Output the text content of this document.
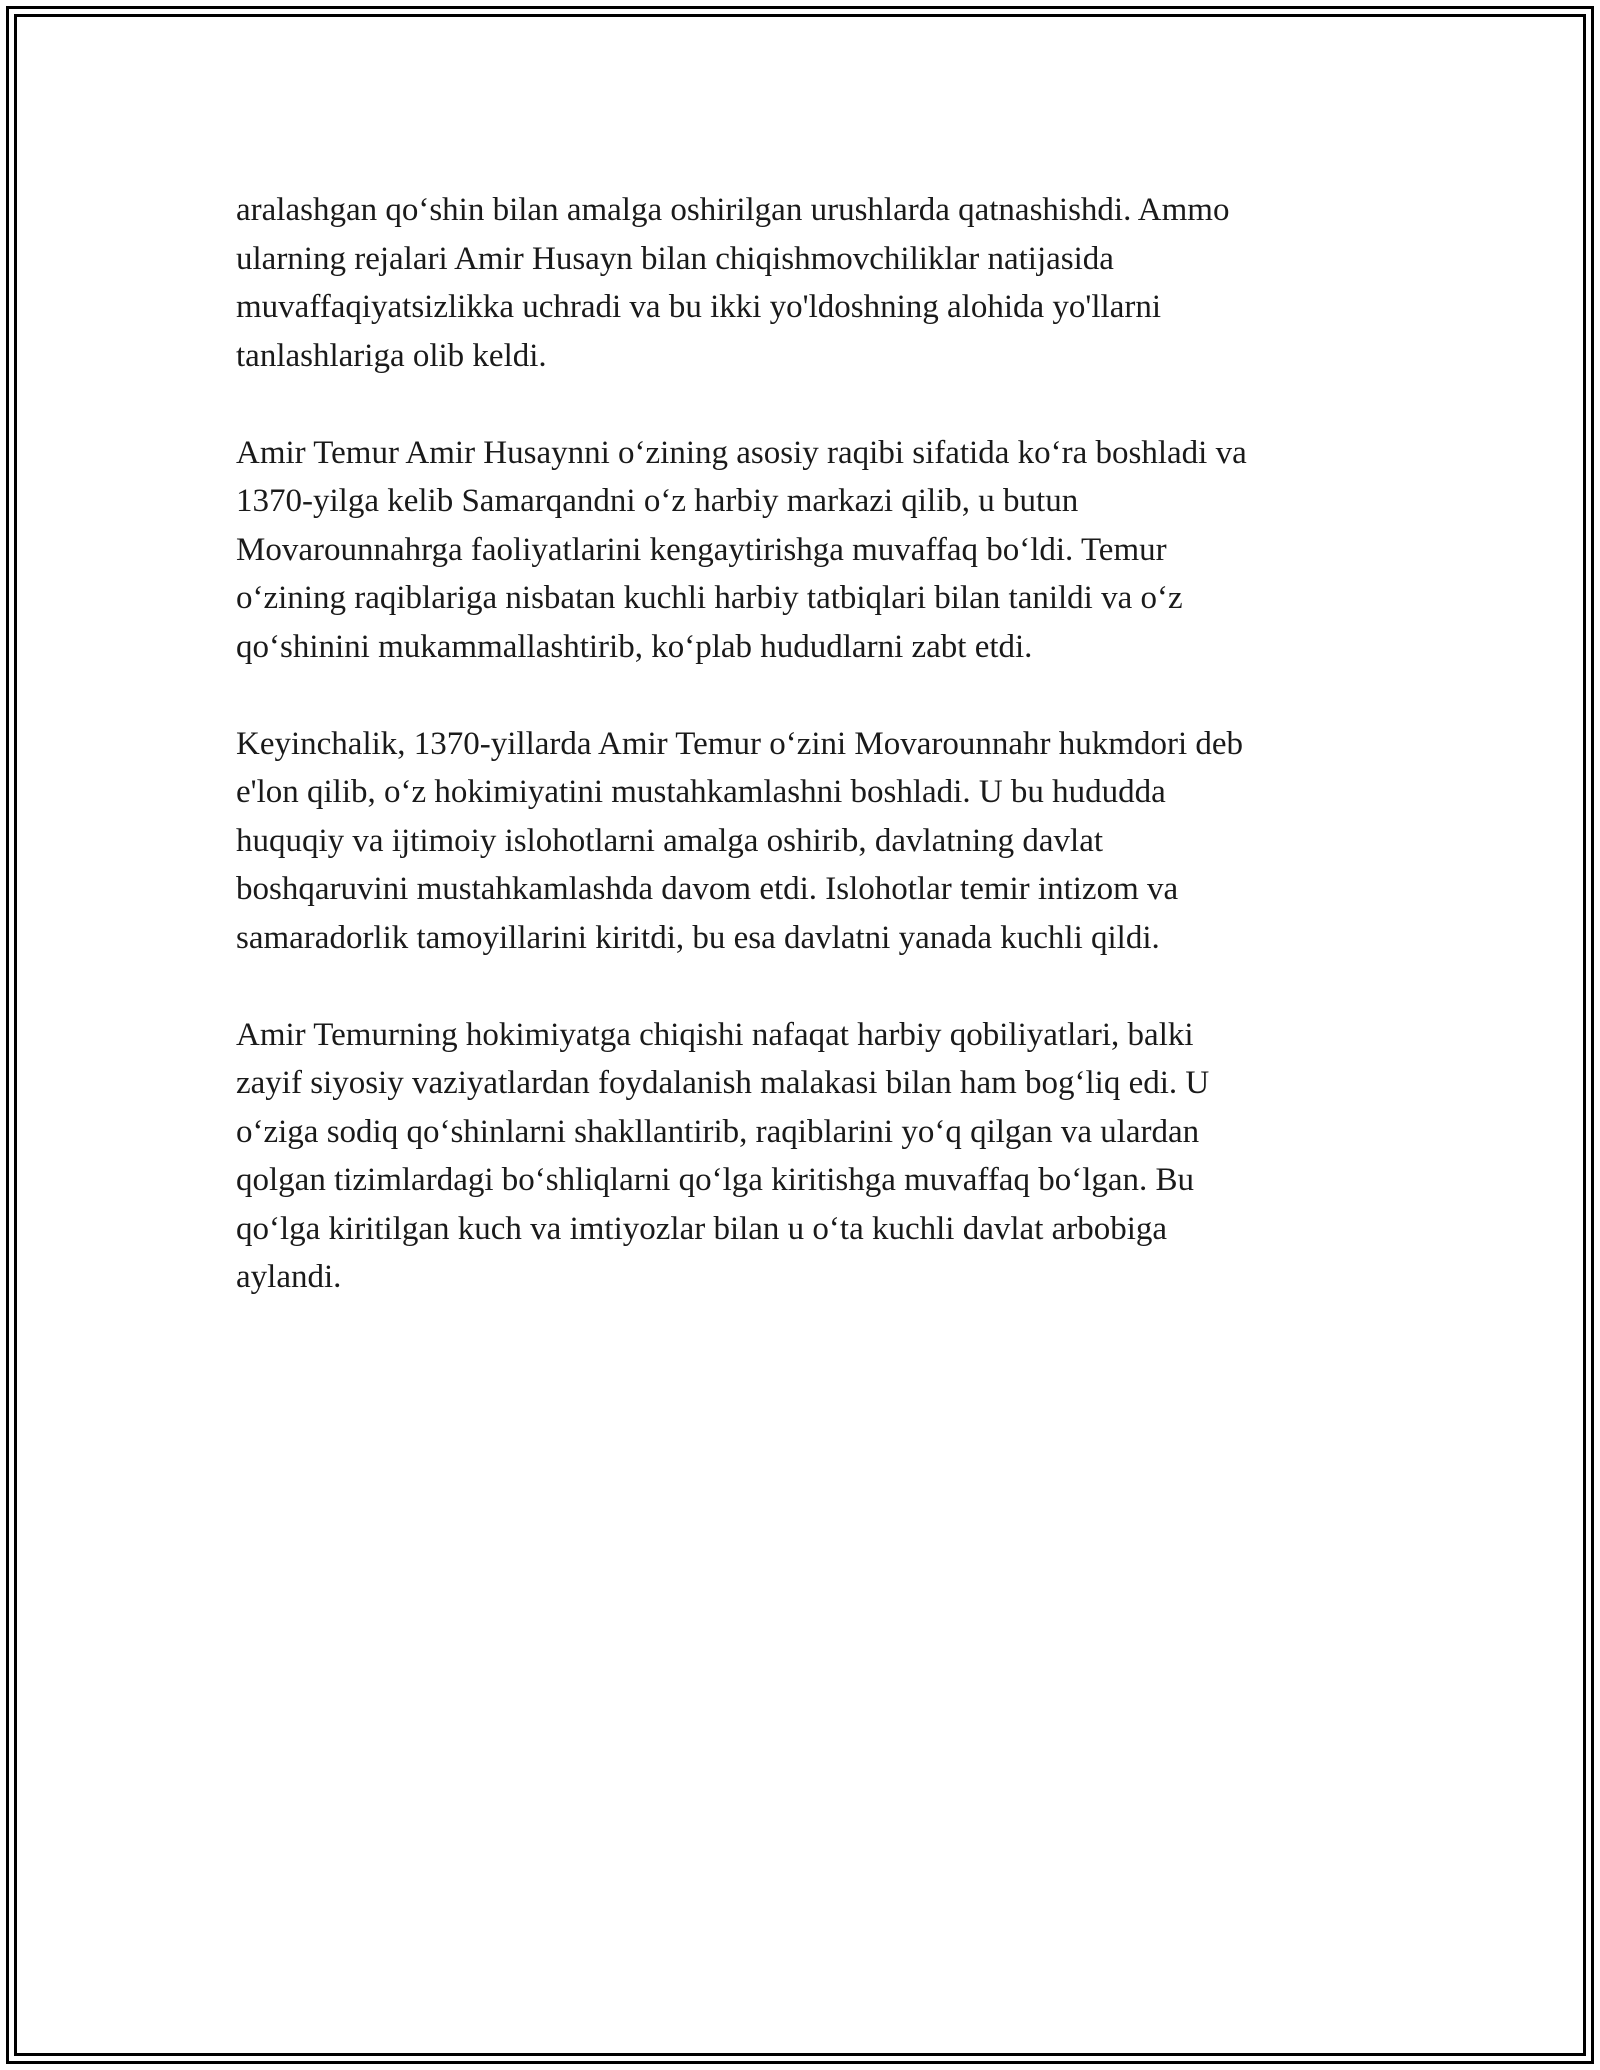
aralashgan qo‘shin bilan amalga oshirilgan urushlarda qatnashishdi. Ammo
ularning rejalari Amir Husayn bilan chiqishmovchiliklar natijasida
muvaffaqiyatsizlikka uchradi va bu ikki yo'ldoshning alohida yo'llarni
tanlashlariga olib keldi.

Amir Temur Amir Husaynni o‘zining asosiy raqibi sifatida ko‘ra boshladi va
1370-yilga kelib Samarqandni o‘z harbiy markazi qilib, u butun
Movarounnahrga faoliyatlarini kengaytirishga muvaffaq bo‘ldi. Temur
o‘zining raqiblariga nisbatan kuchli harbiy tatbiqlari bilan tanildi va o‘z
qo‘shinini mukammallashtirib, ko‘plab hududlarni zabt etdi.

Keyinchalik, 1370-yillarda Amir Temur o‘zini Movarounnahr hukmdori deb
e'lon qilib, o‘z hokimiyatini mustahkamlashni boshladi. U bu hududda
huquqiy va ijtimoiy islohotlarni amalga oshirib, davlatning davlat
boshqaruvini mustahkamlashda davom etdi. Islohotlar temir intizom va
samaradorlik tamoyillarini kiritdi, bu esa davlatni yanada kuchli qildi.

Amir Temurning hokimiyatga chiqishi nafaqat harbiy qobiliyatlari, balki
zayif siyosiy vaziyatlardan foydalanish malakasi bilan ham bog‘liq edi. U
o‘ziga sodiq qo‘shinlarni shakllantirib, raqiblarini yo‘q qilgan va ulardan
qolgan tizimlardagi bo‘shliqlarni qo‘lga kiritishga muvaffaq bo‘lgan. Bu
qo‘lga kiritilgan kuch va imtiyozlar bilan u o‘ta kuchli davlat arbobiga
aylandi.
